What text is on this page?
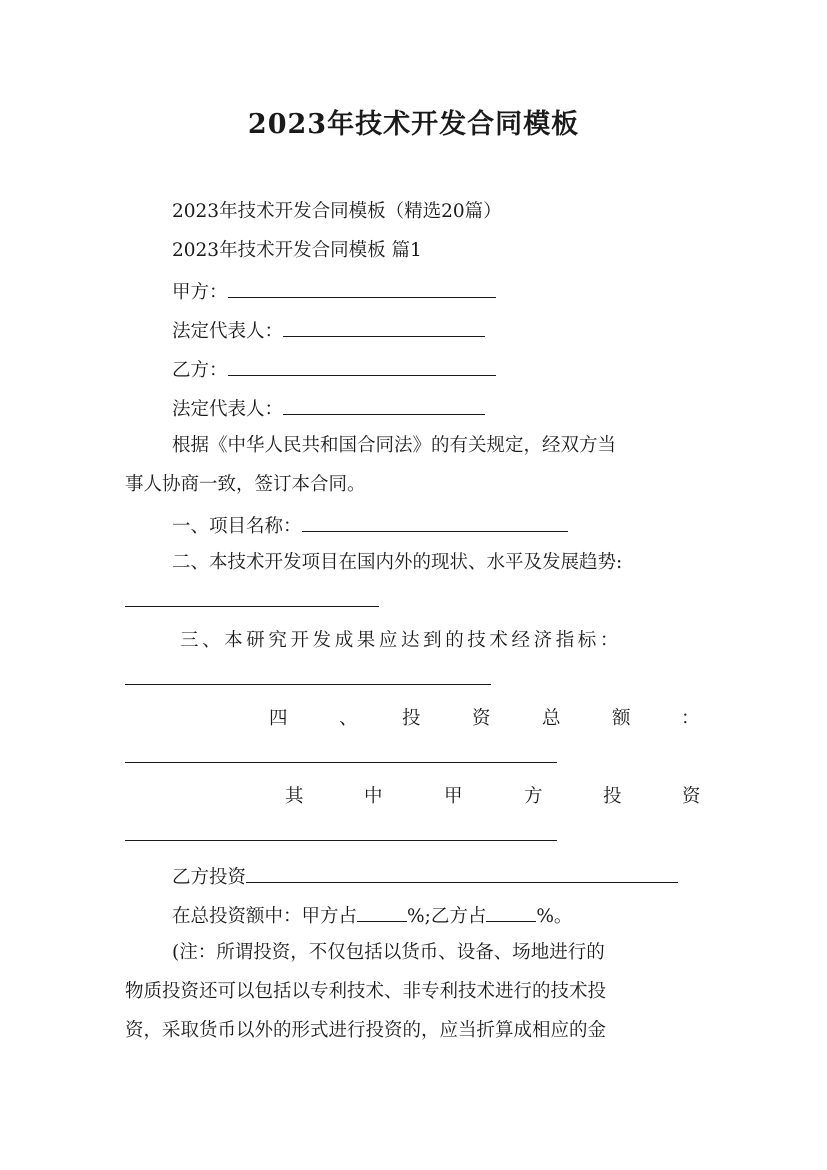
2023年技术开发合同模板
2023年技术开发合同模板（精选20篇）
2023年技术开发合同模板 篇1
甲方：
法定代表人：
乙方：
法定代表人：
根据《中华人民共和国合同法》的有关规定，经双方当
事人协商一致，签订本合同。
一、项目名称：
二、本技术开发项目在国内外的现状、水平及发展趋势:
三、本研究开发成果应达到的技术经济指标：
四	、 投	资	总	额	：
其	中	甲	方	投	资
乙方投资
在总投资额中：甲方占	%;乙方占	%。
(注：所谓投资，不仅包括以货币、设备、场地进行的
物质投资还可以包括以专利技术、非专利技术进行的技术投
资，采取货币以外的形式进行投资的，应当折算成相应的金
